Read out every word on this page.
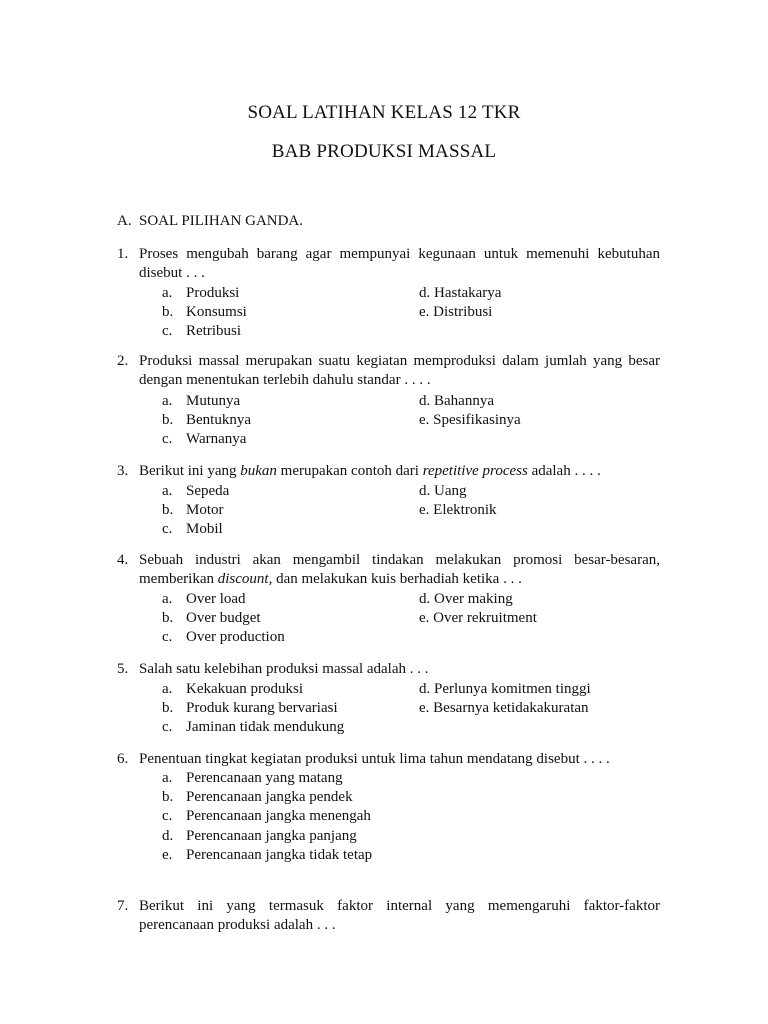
SOAL LATIHAN KELAS 12 TKR
BAB PRODUKSI MASSAL
A. SOAL PILIHAN GANDA.
1. Proses mengubah barang agar mempunyai kegunaan untuk memenuhi kebutuhan disebut . . .
a. Produksi
b. Konsumsi
c. Retribusi
d. Hastakarya
e. Distribusi
2. Produksi massal merupakan suatu kegiatan memproduksi dalam jumlah yang besar dengan menentukan terlebih dahulu standar . . . .
a. Mutunya
b. Bentuknya
c. Warnanya
d. Bahannya
e. Spesifikasinya
3. Berikut ini yang bukan merupakan contoh dari repetitive process adalah . . . .
a. Sepeda
b. Motor
c. Mobil
d. Uang
e. Elektronik
4. Sebuah industri akan mengambil tindakan melakukan promosi besar-besaran, memberikan discount, dan melakukan kuis berhadiah ketika . . .
a. Over load
b. Over budget
c. Over production
d. Over making
e. Over rekruitment
5. Salah satu kelebihan produksi massal adalah . . .
a. Kekakuan produksi
b. Produk kurang bervariasi
c. Jaminan tidak mendukung
d. Perlunya komitmen tinggi
e. Besarnya ketidakakuratan
6. Penentuan tingkat kegiatan produksi untuk lima tahun mendatang disebut . . . .
a. Perencanaan yang matang
b. Perencanaan jangka pendek
c. Perencanaan jangka menengah
d. Perencanaan jangka panjang
e. Perencanaan jangka tidak tetap
7. Berikut ini yang termasuk faktor internal yang memengaruhi faktor-faktor perencanaan produksi adalah . . .
